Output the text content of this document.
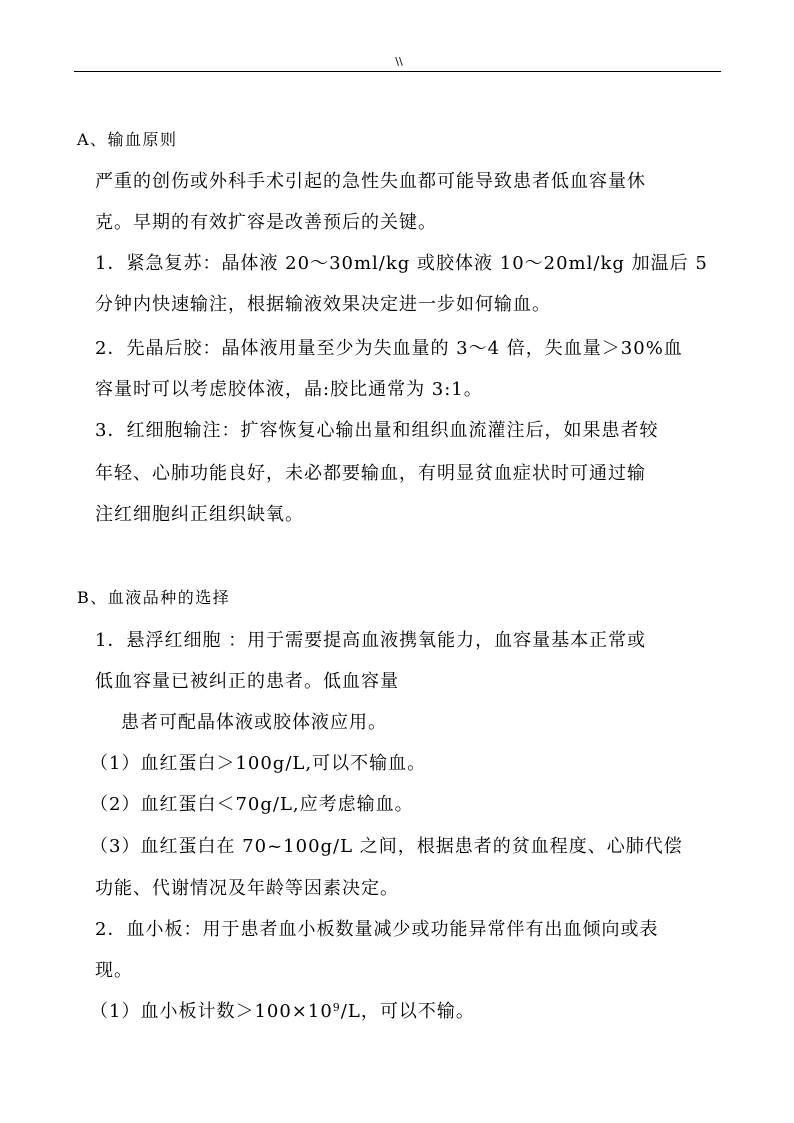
\\
A、输血原则
严重的创伤或外科手术引起的急性失血都可能导致患者低血容量休
克。早期的有效扩容是改善预后的关键。
1．紧急复苏：晶体液 20～30ml/kg 或胶体液 10～20ml/kg 加温后 5
分钟内快速输注，根据输液效果决定进一步如何输血。
2．先晶后胶：晶体液用量至少为失血量的 3～4 倍，失血量＞30%血
容量时可以考虑胶体液，晶:胶比通常为 3:1。
3．红细胞输注：扩容恢复心输出量和组织血流灌注后，如果患者较
年轻、心肺功能良好，未必都要输血，有明显贫血症状时可通过输
注红细胞纠正组织缺氧。
B、血液品种的选择
1．悬浮红细胞 ：用于需要提高血液携氧能力，血容量基本正常或
低血容量已被纠正的患者。低血容量
患者可配晶体液或胶体液应用。
（1）血红蛋白＞100g/L,可以不输血。
（2）血红蛋白＜70g/L,应考虑输血。
（3）血红蛋白在 70~100g/L 之间，根据患者的贫血程度、心肺代偿
功能、代谢情况及年龄等因素决定。
2．血小板：用于患者血小板数量减少或功能异常伴有出血倾向或表
现。
（1）血小板计数$>100\times 10^9/L$，可以不输。
